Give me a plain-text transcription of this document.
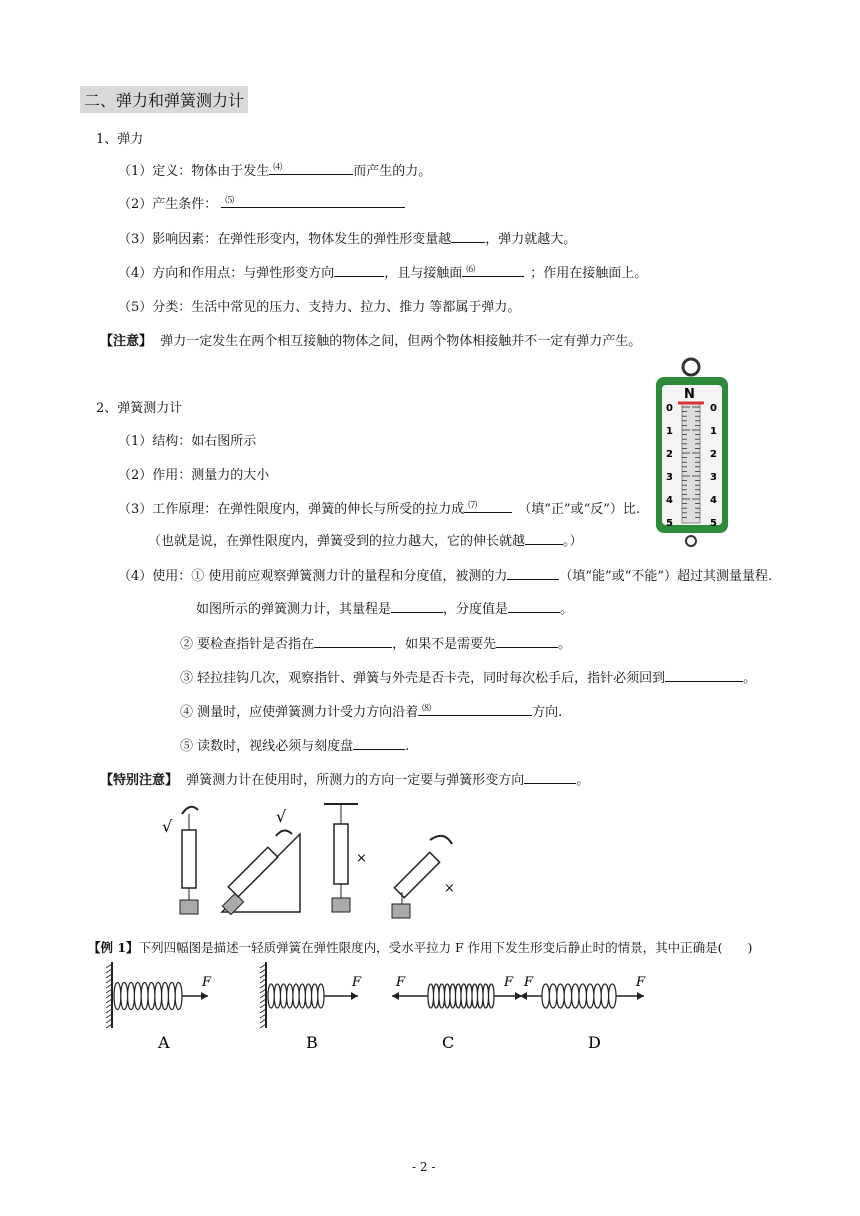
二、弹力和弹簧测力计
1、弹力
（1）定义：物体由于发生 ⑷	而产生的力。
（2）产生条件： ⑸
（3）影响因素：在弹性形变内，物体发生的弹性形变量越	，弹力就越大。
（4）方向和作用点：与弹性形变方向	，且与接触面 ⑹	；作用在接触面上。
（5）分类：生活中常见的压力、支持力、拉力、推力 等都属于弹力。
【注意】 弹力一定发生在两个相互接触的物体之间，但两个物体相接触并不一定有弹力产生。
2、弹簧测力计
（1）结构：如右图所示
（2）作用：测量力的大小
（3）工作原理：在弹性限度内，弹簧的伸长与所受的拉力成 ⑺	（填“正”或“反”）比.
（也就是说，在弹性限度内，弹簧受到的拉力越大，它的伸长就越	。）
（4）使用：① 使用前应观察弹簧测力计的量程和分度值，被测的力	（填“能”或“不能”）超过其测量量程.
如图所示的弹簧测力计，其量程是	，分度值是	。
② 要检查指针是否指在	，如果不是需要先	。
③ 轻拉挂钩几次，观察指针、弹簧与外壳是否卡壳，同时每次松手后，指针必须回到	。
④ 测量时，应使弹簧测力计受力方向沿着 ⑻	方向.
⑤ 读数时，视线必须与刻度盘	.
【特别注意】 弹簧测力计在使用时，所测力的方向一定要与弹簧形变方向	。
N
0	0
1	1
2	2
3	3
4	4
5	5
√
√
×
×
【例 1】下列四幅图是描述一轻质弹簧在弹性限度内，受水平拉力 F 作用下发生形变后静止时的情景，其中正确是(　　)
F
A
F
B
F	F
C
F	F
D
- 2 -
